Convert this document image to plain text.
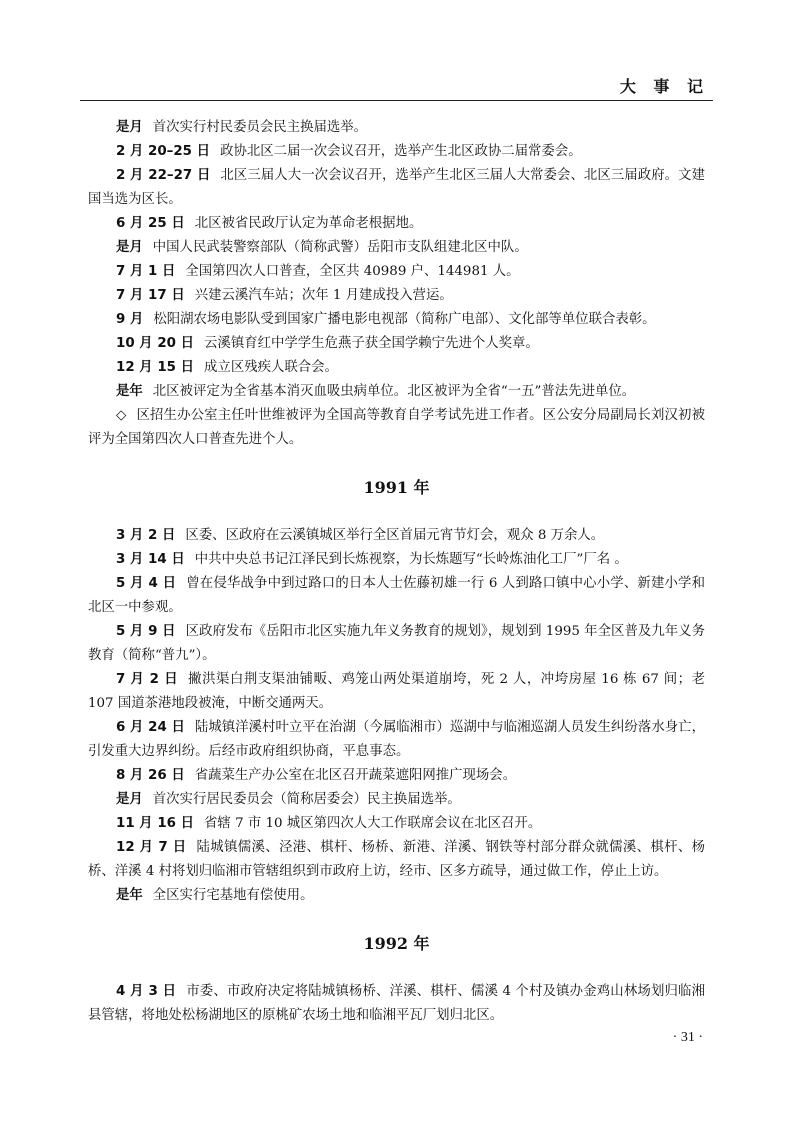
大 事 记

是月 首次实行村民委员会民主换届选举。

2 月 20–25 日 政协北区二届一次会议召开，选举产生北区政协二届常委会。

2 月 22–27 日 北区三届人大一次会议召开，选举产生北区三届人大常委会、北区三届政府。文建国当选为区长。

6 月 25 日 北区被省民政厅认定为革命老根据地。

是月 中国人民武装警察部队（简称武警）岳阳市支队组建北区中队。

7 月 1 日 全国第四次人口普查，全区共 40989 户、144981 人。

7 月 17 日 兴建云溪汽车站；次年 1 月建成投入营运。

9 月 松阳湖农场电影队受到国家广播电影电视部（简称广电部）、文化部等单位联合表彰。

10 月 20 日 云溪镇育红中学学生危燕子获全国学赖宁先进个人奖章。

12 月 15 日 成立区残疾人联合会。

是年 北区被评定为全省基本消灭血吸虫病单位。北区被评为全省“一五”普法先进单位。

◇ 区招生办公室主任叶世维被评为全国高等教育自学考试先进工作者。区公安分局副局长刘汉初被评为全国第四次人口普查先进个人。

1991 年

3 月 2 日 区委、区政府在云溪镇城区举行全区首届元宵节灯会，观众 8 万余人。

3 月 14 日 中共中央总书记江泽民到长炼视察，为长炼题写“长岭炼油化工厂”厂名 。

5 月 4 日 曾在侵华战争中到过路口的日本人士佐藤初雄一行 6 人到路口镇中心小学、新建小学和北区一中参观。

5 月 9 日 区政府发布《岳阳市北区实施九年义务教育的规划》，规划到 1995 年全区普及九年义务教育（简称“普九”）。

7 月 2 日 撇洪渠白荆支渠油铺畈、鸡笼山两处渠道崩垮，死 2 人，冲垮房屋 16 栋 67 间；老 107 国道茶港地段被淹，中断交通两天。

6 月 24 日 陆城镇洋溪村叶立平在治湖（今属临湘市）巡湖中与临湘巡湖人员发生纠纷落水身亡，引发重大边界纠纷。后经市政府组织协商，平息事态。

8 月 26 日 省蔬菜生产办公室在北区召开蔬菜遮阳网推广现场会。

是月 首次实行居民委员会（简称居委会）民主换届选举。

11 月 16 日 省辖 7 市 10 城区第四次人大工作联席会议在北区召开。

12 月 7 日 陆城镇儒溪、泾港、棋杆、杨桥、新港、洋溪、钢铁等村部分群众就儒溪、棋杆、杨桥、洋溪 4 村将划归临湘市管辖组织到市政府上访，经市、区多方疏导，通过做工作，停止上访。

是年 全区实行宅基地有偿使用。

1992 年

4 月 3 日 市委、市政府决定将陆城镇杨桥、洋溪、棋杆、儒溪 4 个村及镇办金鸡山林场划归临湘县管辖，将地处松杨湖地区的原桃矿农场土地和临湘平瓦厂划归北区。

· 31 ·
